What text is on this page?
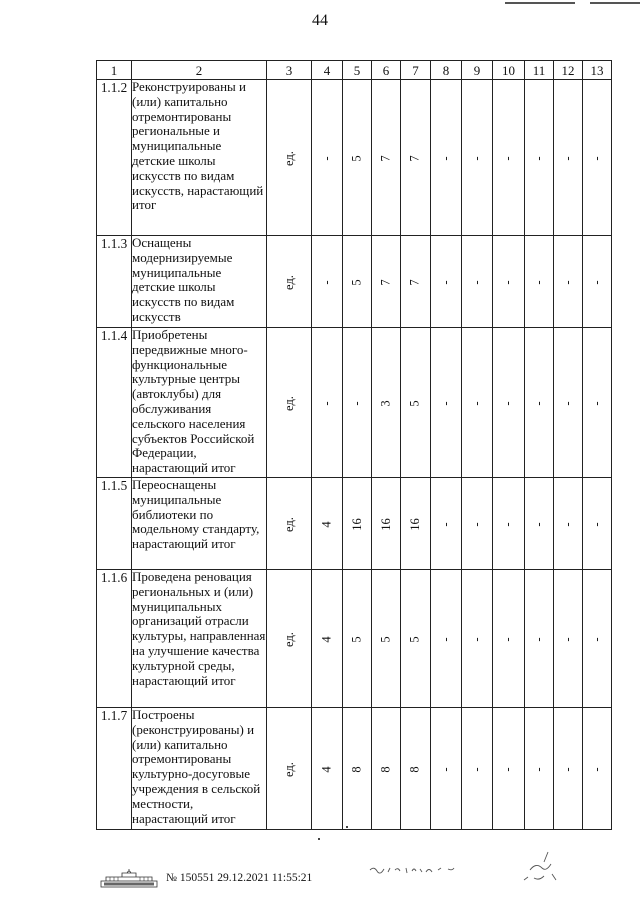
44
1	2	3	4	5	6	7	8	9	10	11	12	13
1.1.2	Реконструированы и (или) капитально отремонтированы региональные и муниципальные детские школы искусств по видам искусств, нарастающий итог	ед.	-	5	7	7	-	-	-	-	-	-
1.1.3	Оснащены модернизируемые муниципальные детские школы искусств по видам искусств	ед.	-	5	7	7	-	-	-	-	-	-
1.1.4	Приобретены передвижные много-функциональные культурные центры (автоклубы) для обслуживания сельского населения субъектов Российской Федерации, нарастающий итог	ед.	-	-	3	5	-	-	-	-	-	-
1.1.5	Переоснащены муниципальные библиотеки по модельному стандарту, нарастающий итог	ед.	4	16	16	16	-	-	-	-	-	-
1.1.6	Проведена реновация региональных и (или) муниципальных организаций отрасли культуры, направленная на улучшение качества культурной среды, нарастающий итог	ед.	4	5	5	5	-	-	-	-	-	-
1.1.7	Построены (реконструированы) и (или) капитально отремонтированы культурно-досуговые учреждения в сельской местности, нарастающий итог	ед.	4	8	8	8	-	-	-	-	-	-
№ 150551 29.12.2021 11:55:21
